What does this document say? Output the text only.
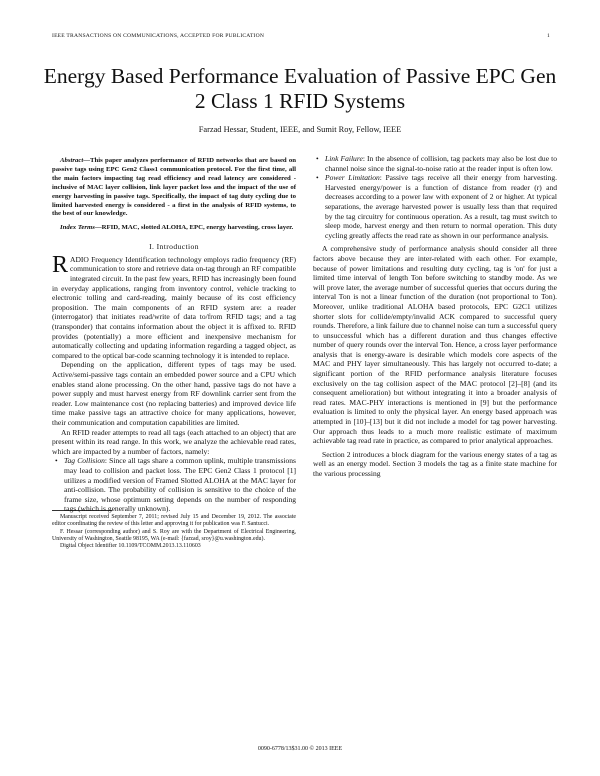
IEEE TRANSACTIONS ON COMMUNICATIONS, ACCEPTED FOR PUBLICATION	1
Energy Based Performance Evaluation of Passive EPC Gen 2 Class 1 RFID Systems
Farzad Hessar, Student, IEEE, and Sumit Roy, Fellow, IEEE

Abstract—This paper analyzes performance of RFID networks that are based on passive tags using EPC Gen2 Class1 communication protocol. For the first time, all the main factors impacting tag read efficiency and read latency are considered - inclusive of MAC layer collision, link layer packet loss and the impact of the use of energy harvesting in passive tags. Specifically, the impact of tag duty cycling due to limited harvested energy is considered - a first in the analysis of RFID systems, to the best of our knowledge.

Index Terms—RFID, MAC, slotted ALOHA, EPC, energy harvesting, cross layer.

I. Introduction

RADIO Frequency Identification technology employs radio frequency (RF) communication to store and retrieve data on-tag through an RF compatible integrated circuit. In the past few years, RFID has increasingly been found in everyday applications, ranging from inventory control, vehicle tracking to electronic tolling and card-reading, mainly because of its cost efficiency proposition. The main components of an RFID system are: a reader (interrogator) that initiates read/write of data to/from RFID tags; and a tag (transponder) that contains information about the object it is affixed to. RFID provides (potentially) a more efficient and inexpensive mechanism for automatically collecting and updating information regarding a tagged object, as compared to the optical bar-code scanning technology it is intended to replace.

Depending on the application, different types of tags may be used. Active/semi-passive tags contain an embedded power source and a CPU which enables stand alone processing. On the other hand, passive tags do not have a power supply and must harvest energy from RF downlink carrier sent from the reader. Low maintenance cost (no replacing batteries) and improved device life time make passive tags an attractive choice for many applications, however, their communication and computation capabilities are limited.

An RFID reader attempts to read all tags (each attached to an object) that are present within its read range. In this work, we analyze the achievable read rates, which are impacted by a number of factors, namely:

• Tag Collision: Since all tags share a common uplink, multiple transmissions may lead to collision and packet loss. The EPC Gen2 Class 1 protocol [1] utilizes a modified version of Framed Slotted ALOHA at the MAC layer for anti-collision. The probability of collision is sensitive to the choice of the frame size, whose optimum setting depends on the number of responding tags (which is generally unknown).

Manuscript received September 7, 2011; revised July 15 and December 19, 2012. The associate editor coordinating the review of this letter and approving it for publication was F. Santucci.

F. Hessar (corresponding author) and S. Roy are with the Department of Electrical Engineering, University of Washington, Seattle 98195, WA (e-mail: {farzad, sroy}@u.washington.edu).

Digital Object Identifier 10.1109/TCOMM.2013.13.110603

• Link Failure: In the absence of collision, tag packets may also be lost due to channel noise since the signal-to-noise ratio at the reader input is often low.
• Power Limitation: Passive tags receive all their energy from harvesting. Harvested energy/power is a function of distance from reader (r) and decreases according to a power law with exponent of 2 or higher. At typical separations, the average harvested power is usually less than that required by the tag circuitry for continuous operation. As a result, tag must switch to sleep mode, harvest energy and then return to normal operation. This duty cycling greatly affects the read rate as shown in our performance analysis.

A comprehensive study of performance analysis should consider all three factors above because they are inter-related with each other. For example, because of power limitations and resulting duty cycling, tag is 'on' for just a limited time interval of length Ton before switching to standby mode. As we will prove later, the average number of successful queries that occurs during the interval Ton is not a linear function of the duration (not proportional to Ton). Moreover, unlike traditional ALOHA based protocols, EPC G2C1 utilizes shorter slots for collide/empty/invalid ACK compared to successful query rounds. Therefore, a link failure due to channel noise can turn a successful query to unsuccessful which has a different duration and thus changes effective number of query rounds over the interval Ton. Hence, a cross layer performance analysis that is energy-aware is desirable which models core aspects of the MAC and PHY layer simultaneously. This has largely not occurred to-date; a significant portion of the RFID performance analysis literature focuses exclusively on the tag collision aspect of the MAC protocol [2]–[8] (and its consequent amelioration) but without integrating it into a broader analysis of read rates. MAC-PHY interactions is mentioned in [9] but the performance evaluation is limited to only the physical layer. An energy based approach was attempted in [10]–[13] but it did not include a model for tag power harvesting. Our approach thus leads to a much more realistic estimate of maximum achievable tag read rate in practice, as compared to prior analytical approaches.

Section 2 introduces a block diagram for the various energy states of a tag as well as an energy model. Section 3 models the tag as a finite state machine for the various processing

0090-6778/13$31.00 © 2013 IEEE
